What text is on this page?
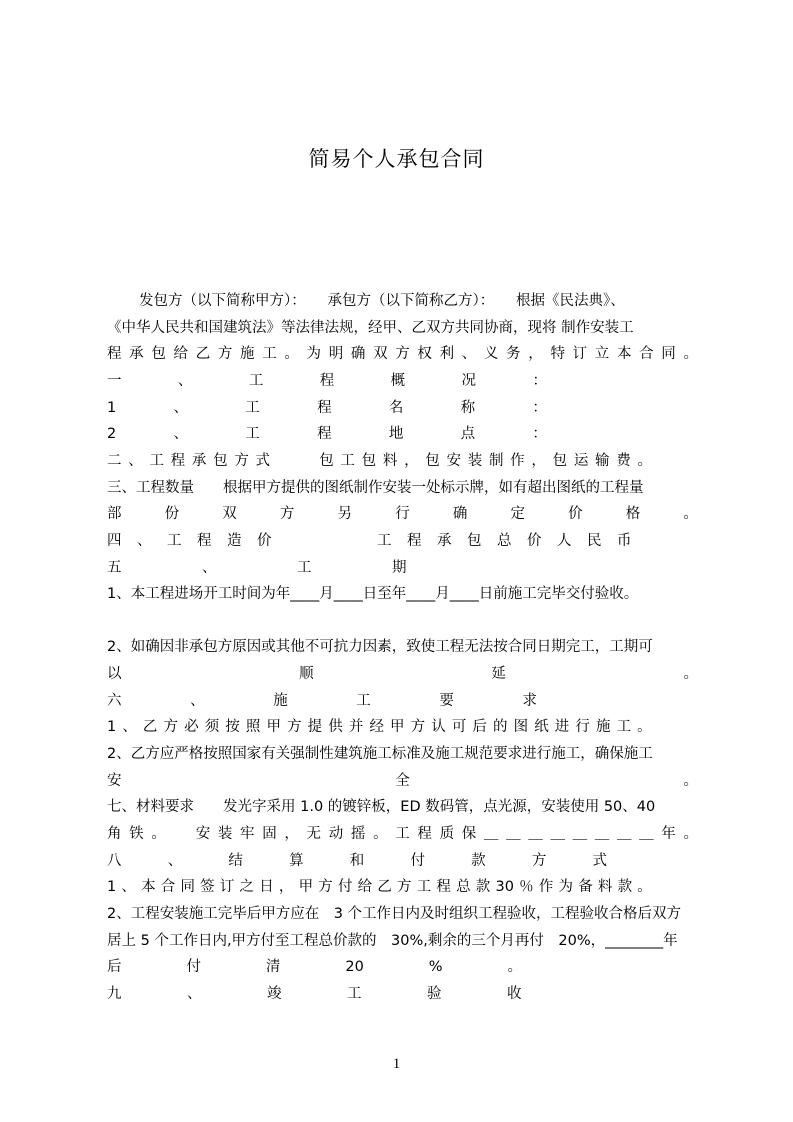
简易个人承包合同
发包方（以下简称甲方）：　　承包方（以下简称乙方）：　　根据《民法典》、
《中华人民共和国建筑法》等法律法规，经甲、乙双方共同协商，现将 制作安装工
程 承 包 给 乙 方 施 工 。 为 明 确 双 方 权 利 、 义 务 ， 特 订 立 本 合 同 。
一	、	工	程	概	况	：
1	、	工	程	名	称	：
2	、	工	程	地	点	：
二 、 工 程 承 包 方 式

　	包 工 包 料 ， 包 安 装 制 作 ， 包 运 输 费 。
三、工程数量　　根据甲方提供的图纸制作安装一处标示牌，如有超出图纸的工程量
部	份	双	方	另	行	确	定	价	格	。
四 、 工 程 造 价

　	工 程 承 包 总 价 人 民 币
五	、	工	期
1、本工程进场开工时间为年____月____日至年____月____日前施工完毕交付验收。
2、如确因非承包方原因或其他不可抗力因素，致使工程无法按合同日期完工，工期可
以	顺	延	。
六	、	施	工	要	求
1 、 乙 方 必 须 按 照 甲 方 提 供 并 经 甲 方 认 可 后 的 图 纸 进 行 施 工 。
2、乙方应严格按照国家有关强制性建筑施工标准及施工规范要求进行施工，确保施工
安	全	。
七、材料要求　　发光字采用 1.0 的镀锌板，ED 数码管，点光源，安装使用 50、40
角 铁 。
　 安 装 牢 固 ， 无 动 摇 。 工 程 质 保 ＿ ＿ ＿ ＿ ＿ ＿ ＿ ＿ 年 。
八	、	结	算	和	付	款	方	式
1 、 本 合 同 签 订 之 日 ， 甲 方 付 给 乙 方 工 程 总 款 30 ％ 作 为 备 料 款 。
2、工程安装施工完毕后甲方应在　3 个工作日内及时组织工程验收，工程验收合格后双方
居上 5 个工作日内,甲方付至工程总价款的　30%,剩余的三个月再付　20%，________年
后	付	清	20	%	。
九	、	竣	工	验	收
1
